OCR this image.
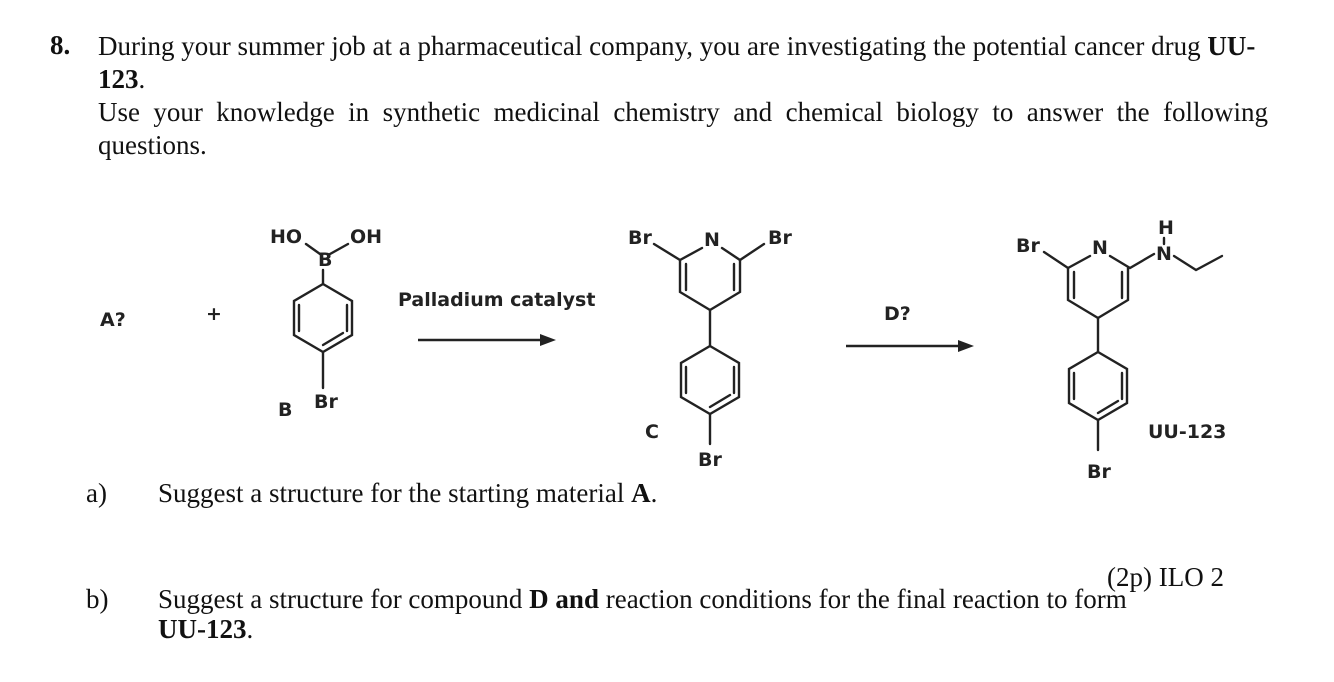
8. During your summer job at a pharmaceutical company, you are investigating the potential cancer drug UU-123.

Use your knowledge in synthetic medicinal chemistry and chemical biology to answer the following questions.

A?	+
HO
B
OH
Br
B
Palladium catalyst
Br	N	Br
Br
C
D?
Br	N
H
N
Br
UU-123
a) Suggest a structure for the starting material A.
(2p) ILO 2
b) Suggest a structure for compound D and reaction conditions for the final reaction to form UU-123.
